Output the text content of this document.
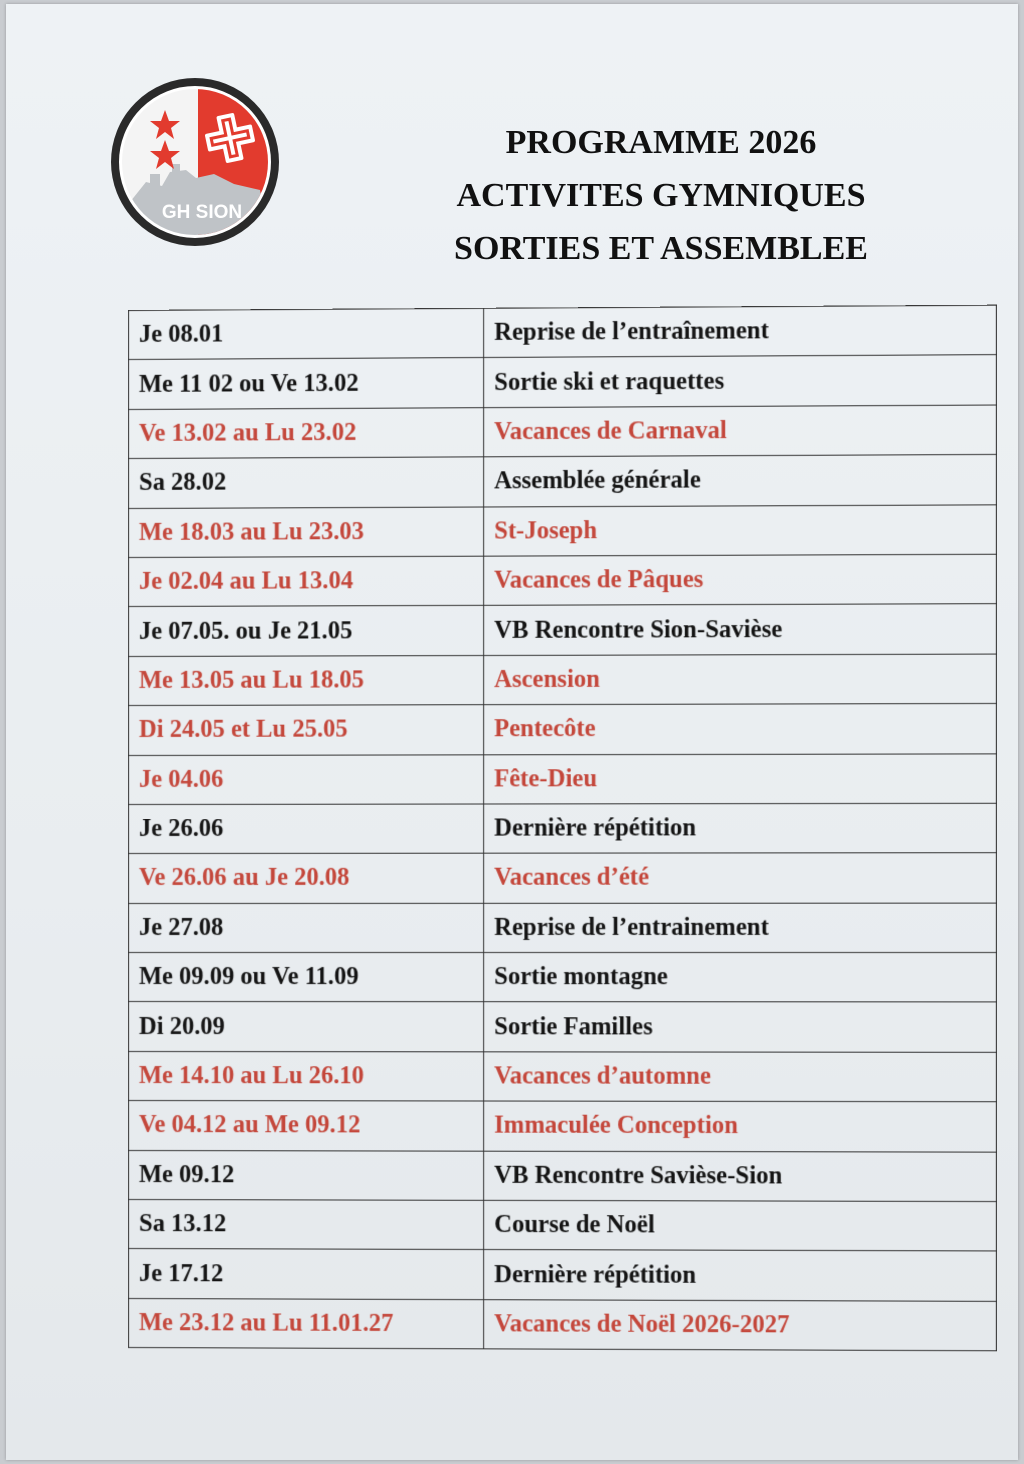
GH SION
PROGRAMME 2026
ACTIVITES GYMNIQUES
SORTIES ET ASSEMBLEE
Je 08.01	Reprise de l’entraînement
Me 11 02 ou Ve 13.02	Sortie ski et raquettes
Ve 13.02 au Lu 23.02	Vacances de Carnaval
Sa 28.02	Assemblée générale
Me 18.03 au Lu 23.03	St-Joseph
Je 02.04 au Lu 13.04	Vacances de Pâques
Je 07.05. ou Je 21.05	VB Rencontre Sion-Savièse
Me 13.05 au Lu 18.05	Ascension
Di 24.05 et Lu 25.05	Pentecôte
Je 04.06	Fête-Dieu
Je 26.06	Dernière répétition
Ve 26.06 au Je 20.08	Vacances d’été
Je 27.08	Reprise de l’entrainement
Me 09.09 ou Ve 11.09	Sortie montagne
Di 20.09	Sortie Familles
Me 14.10 au Lu 26.10	Vacances d’automne
Ve 04.12 au Me 09.12	Immaculée Conception
Me 09.12	VB Rencontre Savièse-Sion
Sa 13.12	Course de Noël
Je 17.12	Dernière répétition
Me 23.12 au Lu 11.01.27	Vacances de Noël 2026-2027
